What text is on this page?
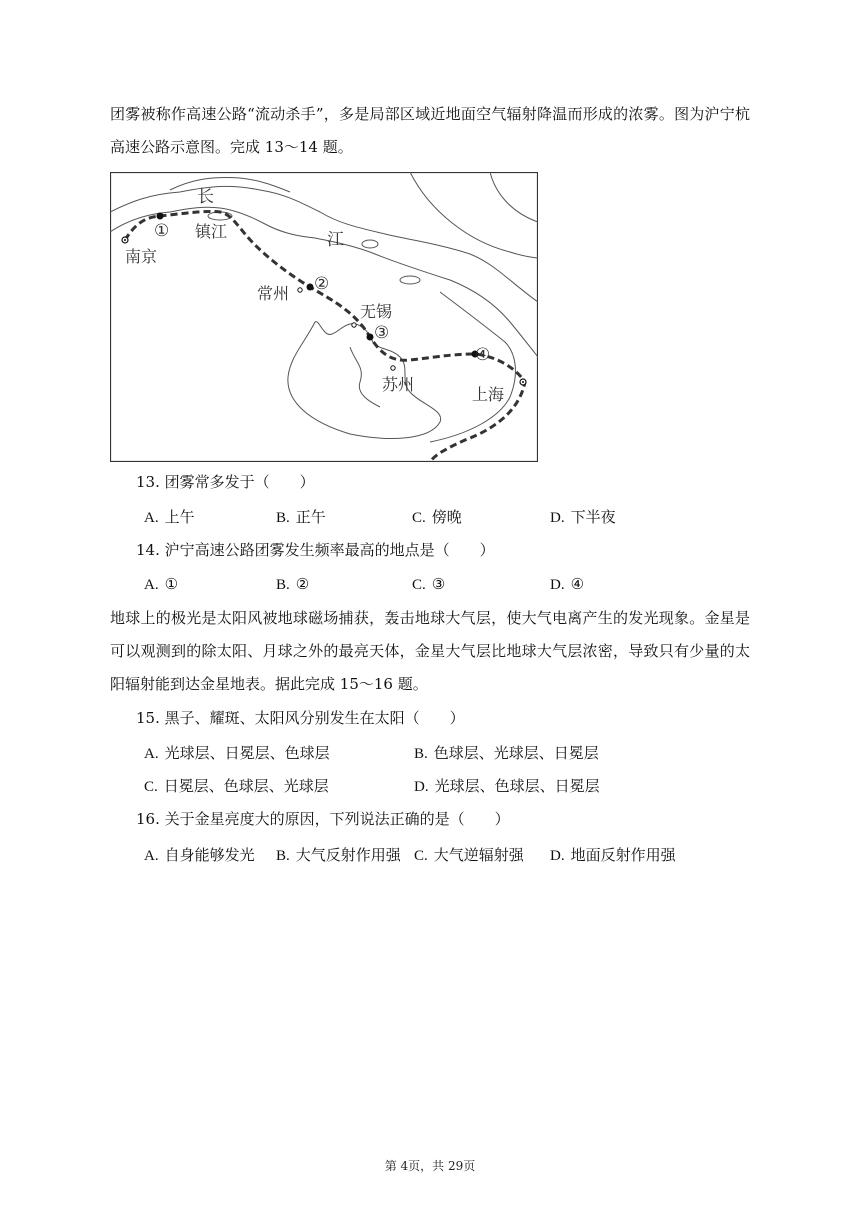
团雾被称作高速公路“流动杀手”，多是局部区域近地面空气辐射降温而形成的浓雾。图为沪宁杭高速公路示意图。完成 13～14 题。

长
江
南京
镇江
常州
无锡
苏州
上海
①
②
③
④

13. 团雾常多发于（　　）

A. 上午	B. 正午	C. 傍晚	D. 下半夜

14. 沪宁高速公路团雾发生频率最高的地点是（　　）

A. ①	B. ②	C. ③	D. ④

地球上的极光是太阳风被地球磁场捕获，轰击地球大气层，使大气电离产生的发光现象。金星是可以观测到的除太阳、月球之外的最亮天体，金星大气层比地球大气层浓密，导致只有少量的太阳辐射能到达金星地表。据此完成 15～16 题。

15. 黑子、耀斑、太阳风分别发生在太阳（　　）

A. 光球层、日冕层、色球层	B. 色球层、光球层、日冕层
C. 日冕层、色球层、光球层	D. 光球层、色球层、日冕层

16. 关于金星亮度大的原因，下列说法正确的是（　　）

A. 自身能够发光 B. 大气反射作用强 C. 大气逆辐射强 D. 地面反射作用强
第 4页，共 29页
